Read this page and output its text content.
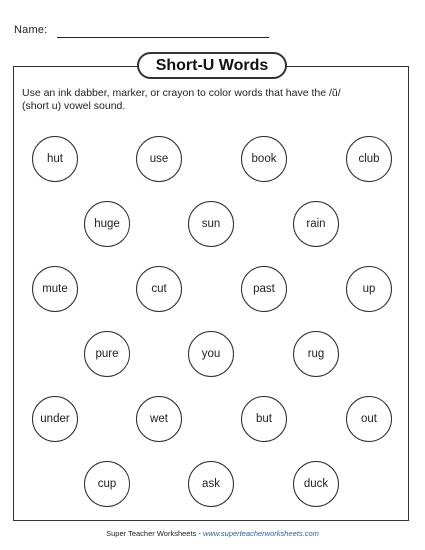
Name:
Short-U Words
Use an ink dabber, marker, or crayon to color words that have the /ŭ/ (short u) vowel sound.
hut	use	book	club
huge	sun	rain
mute	cut	past	up
pure	you	rug
under	wet	but	out
cup	ask	duck
Super Teacher Worksheets - www.superteacherworksheets.com
